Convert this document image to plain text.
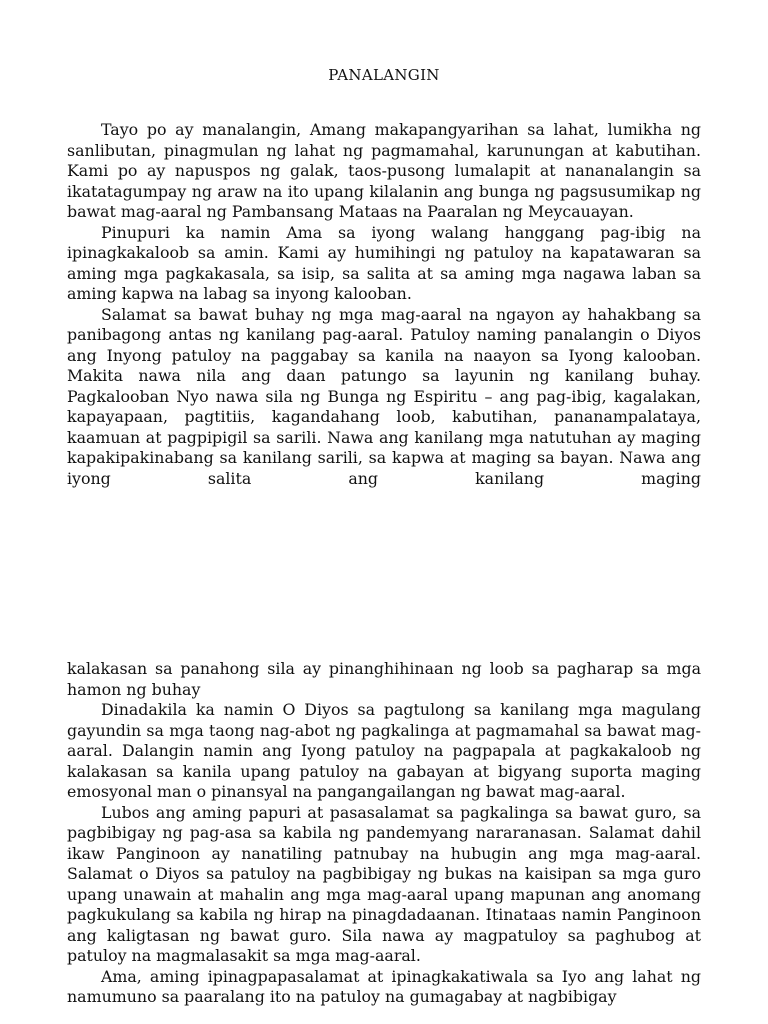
PANALANGIN

Tayo po ay manalangin, Amang makapangyarihan sa lahat, lumikha ng sanlibutan, pinagmulan ng lahat ng pagmamahal, karunungan at kabutihan. Kami po ay napuspos ng galak, taos-pusong lumalapit at nananalangin sa ikatatagumpay ng araw na ito upang kilalanin ang bunga ng pagsusumikap ng bawat mag-aaral ng Pambansang Mataas na Paaralan ng Meycauayan.

Pinupuri ka namin Ama sa iyong walang hanggang pag-ibig na ipinagkakaloob sa amin. Kami ay humihingi ng patuloy na kapatawaran sa aming mga pagkakasala, sa isip, sa salita at sa aming mga nagawa laban sa aming kapwa na labag sa inyong kalooban.

Salamat sa bawat buhay ng mga mag-aaral na ngayon ay hahakbang sa panibagong antas ng kanilang pag-aaral. Patuloy naming panalangin o Diyos ang Inyong patuloy na paggabay sa kanila na naayon sa Iyong kalooban. Makita nawa nila ang daan patungo sa layunin ng kanilang buhay. Pagkalooban Nyo nawa sila ng Bunga ng Espiritu – ang pag-ibig, kagalakan, kapayapaan, pagtitiis, kagandahang loob, kabutihan, pananampalataya, kaamuan at pagpipigil sa sarili. Nawa ang kanilang mga natutuhan ay maging kapakipakinabang sa kanilang sarili, sa kapwa at maging sa bayan. Nawa ang iyong salita ang kanilang maging

kalakasan sa panahong sila ay pinanghihinaan ng loob sa pagharap sa mga hamon ng buhay

Dinadakila ka namin O Diyos sa pagtulong sa kanilang mga magulang gayundin sa mga taong nag-abot ng pagkalinga at pagmamahal sa bawat mag-aaral. Dalangin namin ang Iyong patuloy na pagpapala at pagkakaloob ng kalakasan sa kanila upang patuloy na gabayan at bigyang suporta maging emosyonal man o pinansyal na pangangailangan ng bawat mag-aaral.

Lubos ang aming papuri at pasasalamat sa pagkalinga sa bawat guro, sa pagbibigay ng pag-asa sa kabila ng pandemyang nararanasan. Salamat dahil ikaw Panginoon ay nanatiling patnubay na hubugin ang mga mag-aaral. Salamat o Diyos sa patuloy na pagbibigay ng bukas na kaisipan sa mga guro upang unawain at mahalin ang mga mag-aaral upang mapunan ang anomang pagkukulang sa kabila ng hirap na pinagdadaanan. Itinataas namin Panginoon ang kaligtasan ng bawat guro. Sila nawa ay magpatuloy sa paghubog at patuloy na magmalasakit sa mga mag-aaral.

Ama, aming ipinagpapasalamat at ipinagkakatiwala sa Iyo ang lahat ng namumuno sa paaralang ito na patuloy na gumagabay at nagbibigay
